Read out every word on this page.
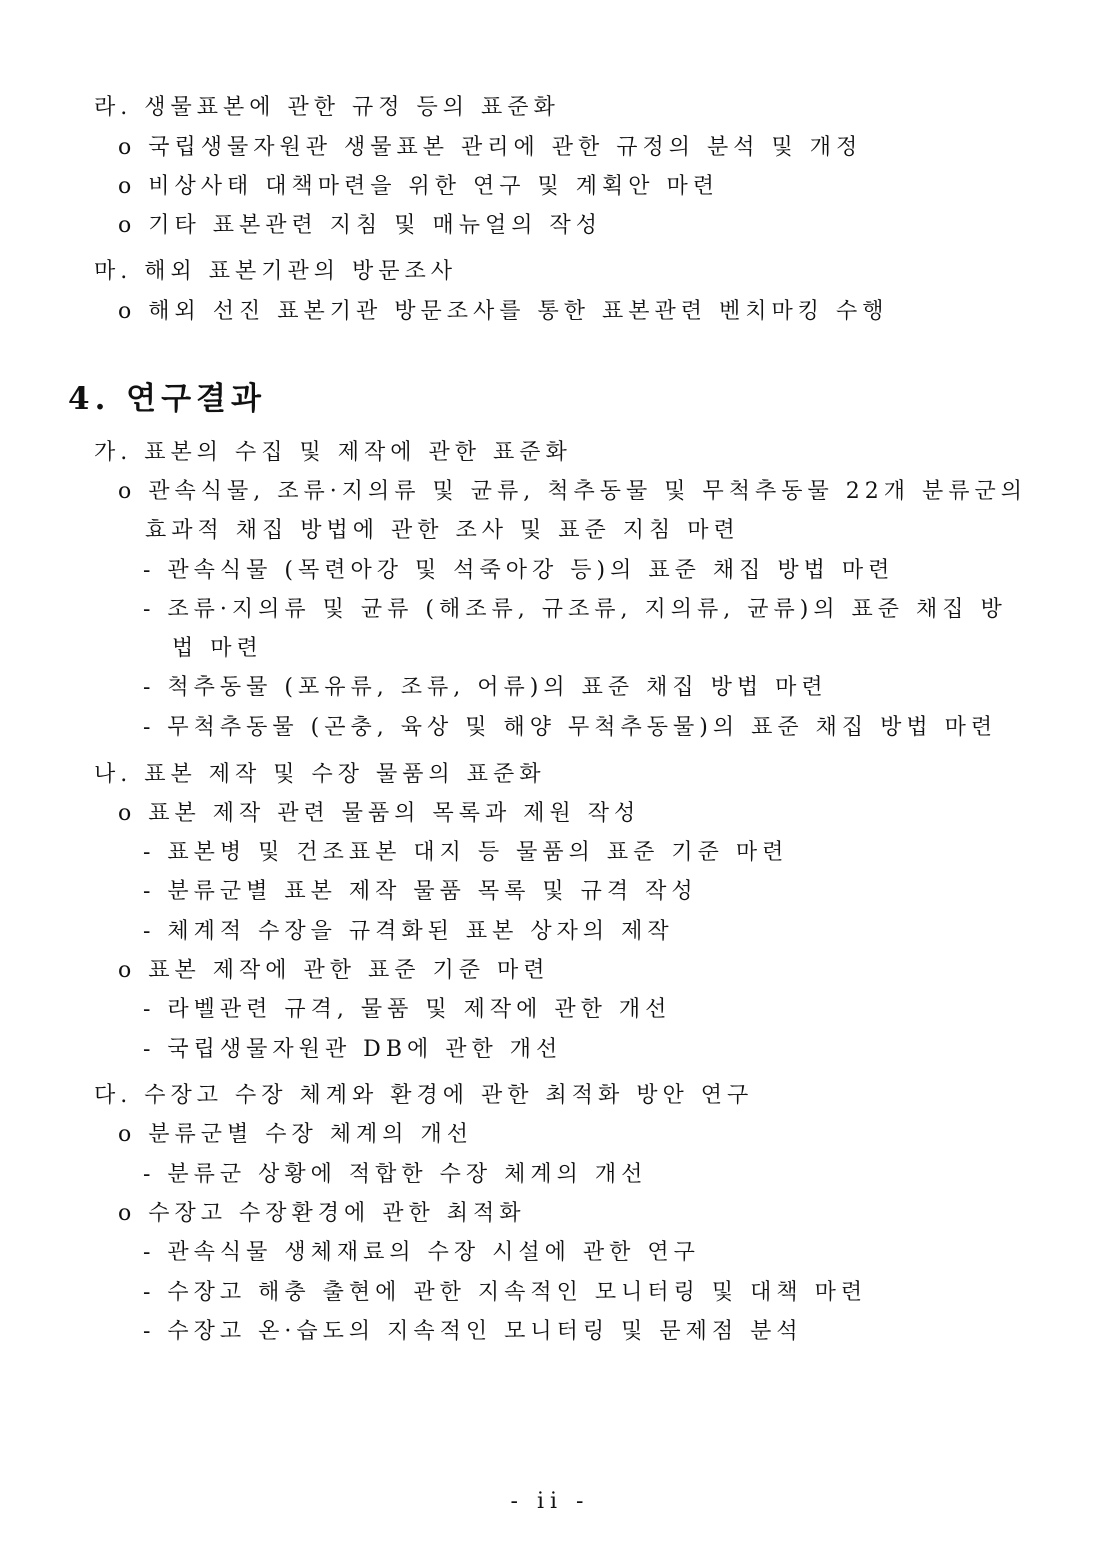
라. 생물표본에 관한 규정 등의 표준화
o 국립생물자원관 생물표본 관리에 관한 규정의 분석 및 개정
o 비상사태 대책마련을 위한 연구 및 계획안 마련
o 기타 표본관련 지침 및 매뉴얼의 작성
마. 해외 표본기관의 방문조사
o 해외 선진 표본기관 방문조사를 통한 표본관련 벤치마킹 수행
4. 연구결과
가. 표본의 수집 및 제작에 관한 표준화
o 관속식물, 조류·지의류 및 균류, 척추동물 및 무척추동물 22개 분류군의
효과적 채집 방법에 관한 조사 및 표준 지침 마련
- 관속식물 (목련아강 및 석죽아강 등)의 표준 채집 방법 마련
- 조류·지의류 및 균류 (해조류, 규조류, 지의류, 균류)의 표준 채집 방
법 마련
- 척추동물 (포유류, 조류, 어류)의 표준 채집 방법 마련
- 무척추동물 (곤충, 육상 및 해양 무척추동물)의 표준 채집 방법 마련
나. 표본 제작 및 수장 물품의 표준화
o 표본 제작 관련 물품의 목록과 제원 작성
- 표본병 및 건조표본 대지 등 물품의 표준 기준 마련
- 분류군별 표본 제작 물품 목록 및 규격 작성
- 체계적 수장을 규격화된 표본 상자의 제작
o 표본 제작에 관한 표준 기준 마련
- 라벨관련 규격, 물품 및 제작에 관한 개선
- 국립생물자원관 DB에 관한 개선
다. 수장고 수장 체계와 환경에 관한 최적화 방안 연구
o 분류군별 수장 체계의 개선
- 분류군 상황에 적합한 수장 체계의 개선
o 수장고 수장환경에 관한 최적화
- 관속식물 생체재료의 수장 시설에 관한 연구
- 수장고 해충 출현에 관한 지속적인 모니터링 및 대책 마련
- 수장고 온·습도의 지속적인 모니터링 및 문제점 분석
- ii -
